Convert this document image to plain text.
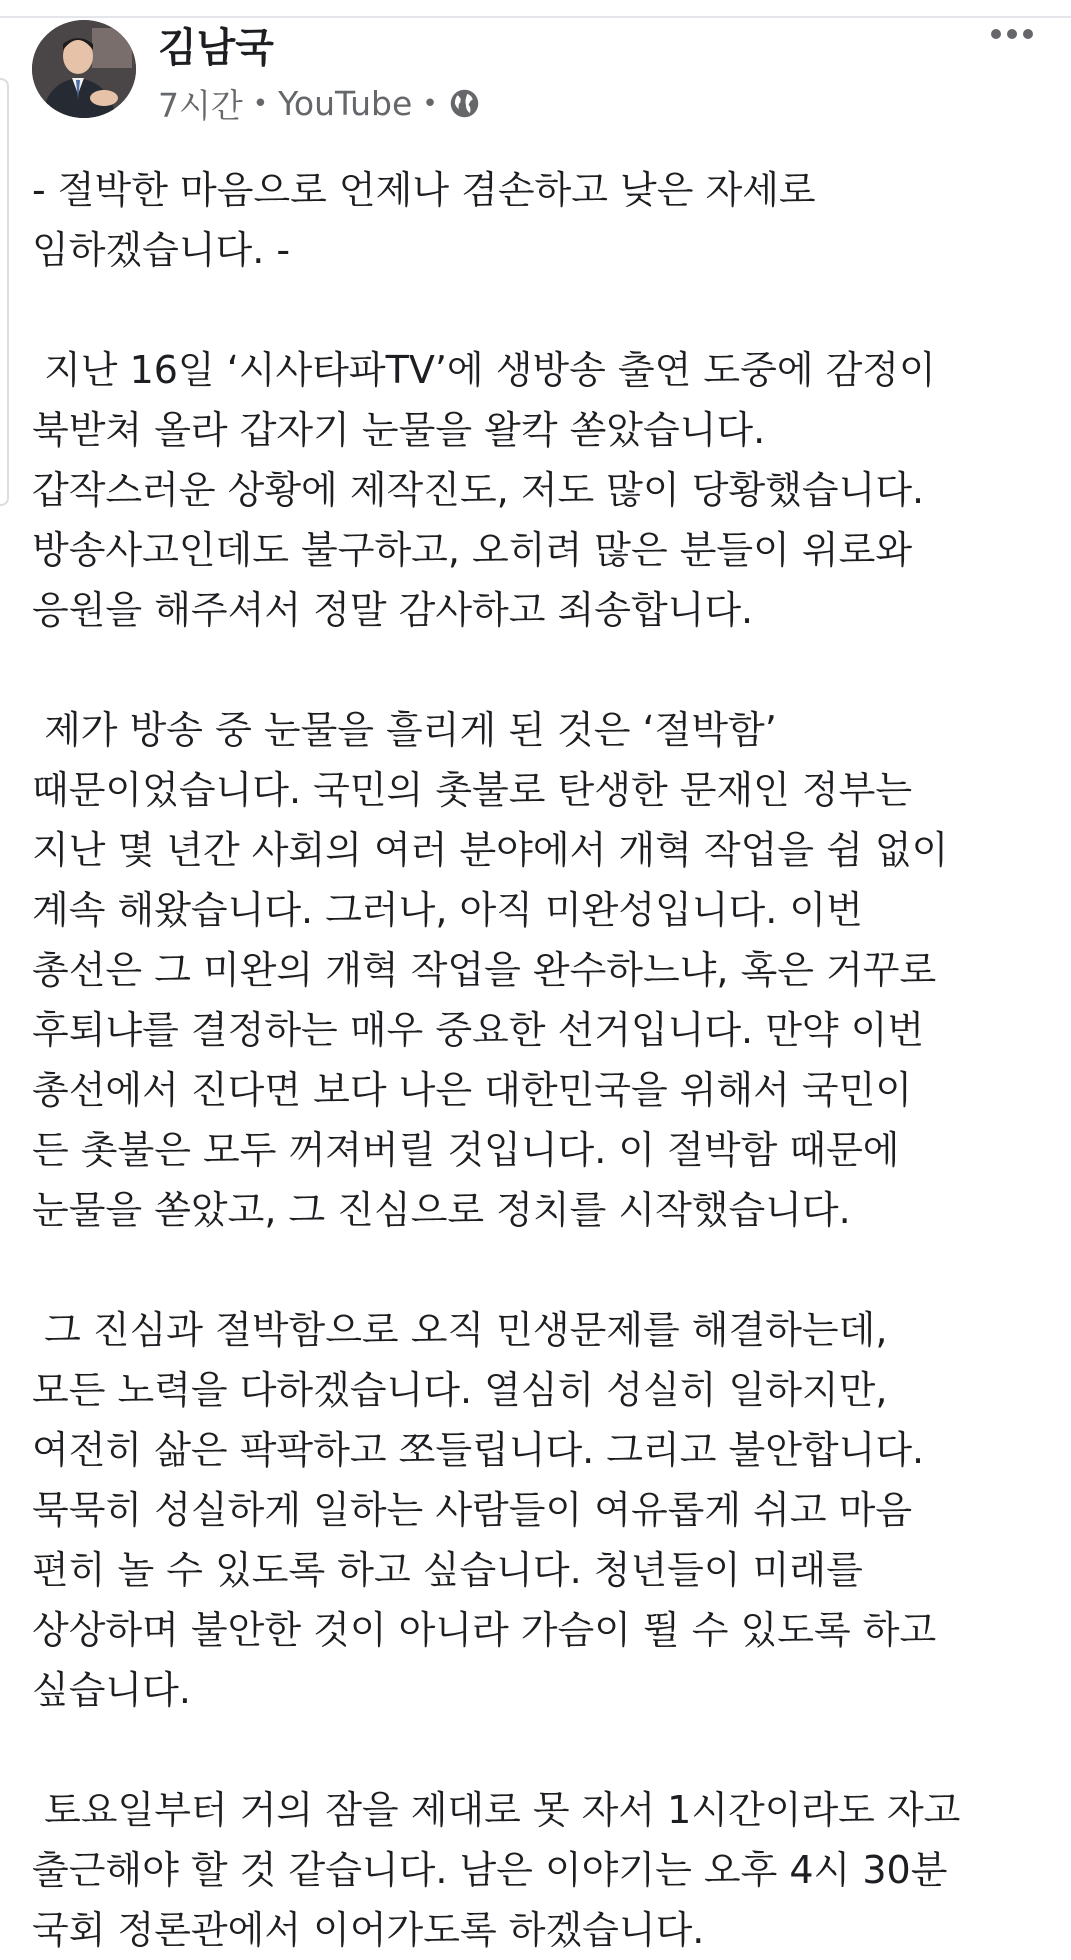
김남국
7시간 • YouTube •
- 절박한 마음으로 언제나 겸손하고 낮은 자세로
임하겠습니다. -
지난 16일 ‘시사타파TV’에 생방송 출연 도중에 감정이
북받쳐 올라 갑자기 눈물을 왈칵 쏟았습니다.
갑작스러운 상황에 제작진도, 저도 많이 당황했습니다.
방송사고인데도 불구하고, 오히려 많은 분들이 위로와
응원을 해주셔서 정말 감사하고 죄송합니다.
제가 방송 중 눈물을 흘리게 된 것은 ‘절박함’
때문이었습니다. 국민의 촛불로 탄생한 문재인 정부는
지난 몇 년간 사회의 여러 분야에서 개혁 작업을 쉼 없이
계속 해왔습니다. 그러나, 아직 미완성입니다. 이번
총선은 그 미완의 개혁 작업을 완수하느냐, 혹은 거꾸로
후퇴냐를 결정하는 매우 중요한 선거입니다. 만약 이번
총선에서 진다면 보다 나은 대한민국을 위해서 국민이
든 촛불은 모두 꺼져버릴 것입니다. 이 절박함 때문에
눈물을 쏟았고, 그 진심으로 정치를 시작했습니다.
그 진심과 절박함으로 오직 민생문제를 해결하는데,
모든 노력을 다하겠습니다. 열심히 성실히 일하지만,
여전히 삶은 팍팍하고 쪼들립니다. 그리고 불안합니다.
묵묵히 성실하게 일하는 사람들이 여유롭게 쉬고 마음
편히 놀 수 있도록 하고 싶습니다. 청년들이 미래를
상상하며 불안한 것이 아니라 가슴이 뛸 수 있도록 하고
싶습니다.
토요일부터 거의 잠을 제대로 못 자서 1시간이라도 자고
출근해야 할 것 같습니다. 남은 이야기는 오후 4시 30분
국회 정론관에서 이어가도록 하겠습니다.
